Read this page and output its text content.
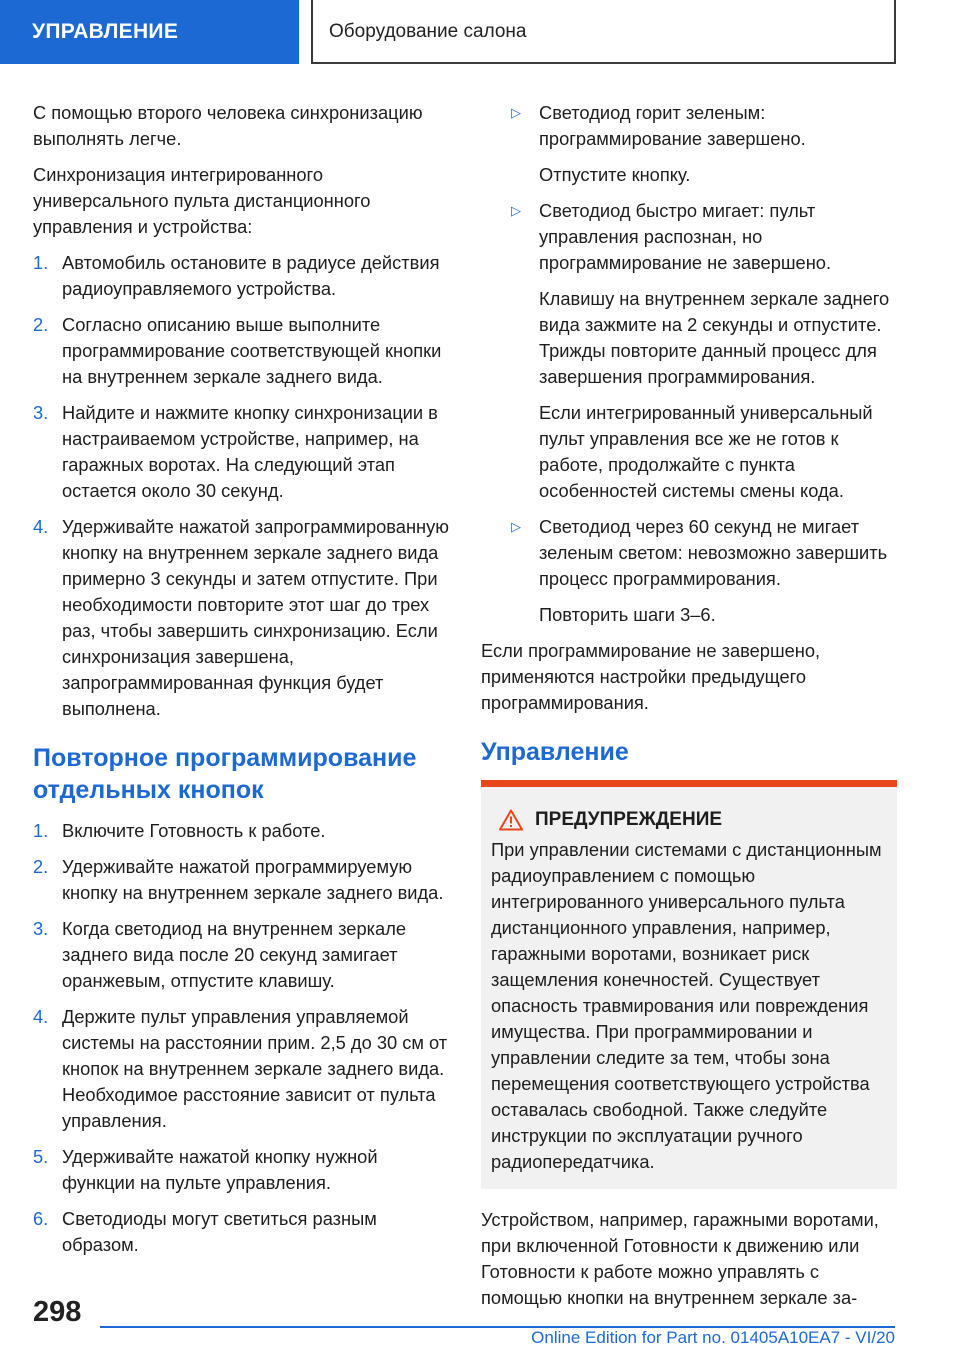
УПРАВЛЕНИЕ	Оборудование салона

С помощью второго человека синхронизацию выполнять легче.

Синхронизация интегрированного универсального пульта дистанционного управления и устройства:

1. Автомобиль остановите в радиусе действия радиоуправляемого устройства.
2. Согласно описанию выше выполните программирование соответствующей кнопки на внутреннем зеркале заднего вида.
3. Найдите и нажмите кнопку синхронизации в настраиваемом устройстве, например, на гаражных воротах. На следующий этап остается около 30 секунд.
4. Удерживайте нажатой запрограммированную кнопку на внутреннем зеркале заднего вида примерно 3 секунды и затем отпустите. При необходимости повторите этот шаг до трех раз, чтобы завершить синхронизацию. Если синхронизация завершена, запрограммированная функция будет выполнена.
Повторное программирование отдельных кнопок
1. Включите Готовность к работе.
2. Удерживайте нажатой программируемую кнопку на внутреннем зеркале заднего вида.
3. Когда светодиод на внутреннем зеркале заднего вида после 20 секунд замигает оранжевым, отпустите клавишу.
4. Держите пульт управления управляемой системы на расстоянии прим. 2,5 до 30 см от кнопок на внутреннем зеркале заднего вида. Необходимое расстояние зависит от пульта управления.
5. Удерживайте нажатой кнопку нужной функции на пульте управления.
6. Светодиоды могут светиться разным образом.
▷ Светодиод горит зеленым: программирование завершено.

Отпустите кнопку.

▷ Светодиод быстро мигает: пульт управления распознан, но программирование не завершено.

Клавишу на внутреннем зеркале заднего вида зажмите на 2 секунды и отпустите. Трижды повторите данный процесс для завершения программирования.

Если интегрированный универсальный пульт управления все же не готов к работе, продолжайте с пункта особенностей системы смены кода.

▷ Светодиод через 60 секунд не мигает зеленым светом: невозможно завершить процесс программирования.

Повторить шаги 3–6.

Если программирование не завершено, применяются настройки предыдущего программирования.

Управление
ПРЕДУПРЕЖДЕНИЕ

При управлении системами с дистанционным радиоуправлением с помощью интегрированного универсального пульта дистанционного управления, например, гаражными воротами, возникает риск защемления конечностей. Существует опасность травмирования или повреждения имущества. При программировании и управлении следите за тем, чтобы зона перемещения соответствующего устройства оставалась свободной. Также следуйте инструкции по эксплуатации ручного радиопередатчика.

Устройством, например, гаражными воротами, при включенной Готовности к движению или Готовности к работе можно управлять с помощью кнопки на внутреннем зеркале за-

298
Online Edition for Part no. 01405A10EA7 - VI/20
